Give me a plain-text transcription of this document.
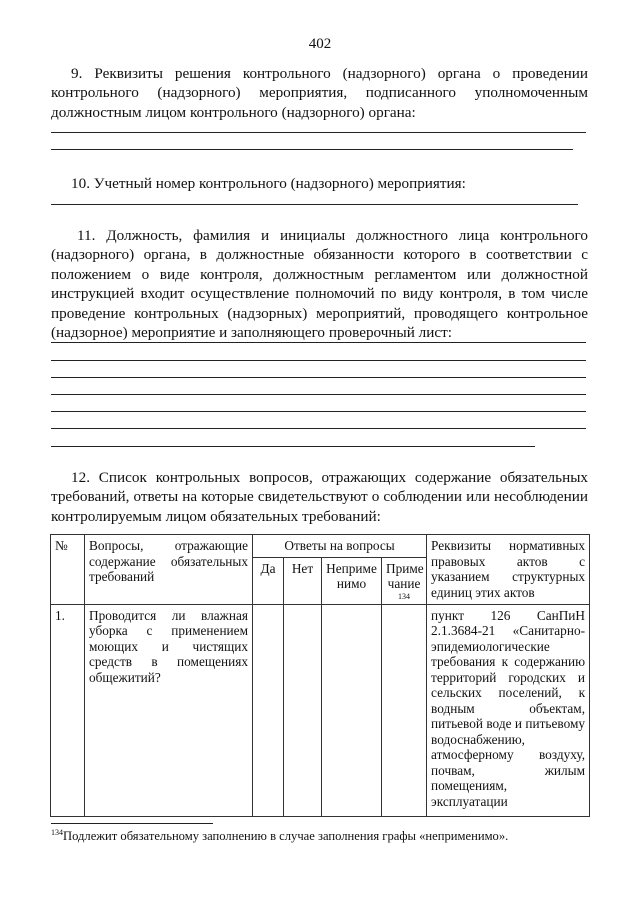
402

9. Реквизиты решения контрольного (надзорного) органа о проведении контрольного (надзорного) мероприятия, подписанного уполномоченным должностным лицом контрольного (надзорного) органа:

10. Учетный номер контрольного (надзорного) мероприятия:

11. Должность, фамилия и инициалы должностного лица контрольного (надзорного) органа, в должностные обязанности которого в соответствии с положением о виде контроля, должностным регламентом или должностной инструкцией входит осуществление полномочий по виду контроля, в том числе проведение контрольных (надзорных) мероприятий, проводящего контрольное (надзорное) мероприятие и заполняющего проверочный лист:

12. Список контрольных вопросов, отражающих содержание обязательных требований, ответы на которые свидетельствуют о соблюдении или несоблюдении контролируемым лицом обязательных требований:

№	Вопросы, отражающие содержание обязательных требований	Ответы на вопросы				Реквизиты нормативных правовых актов с указанием структурных единиц этих актов
		Да	Нет	Неприме нимо	Приме чание
134	

1.	Проводится ли влажная уборка с применением моющих и чистящих средств в помещениях общежитий?					пункт 126 СанПиН 2.1.3684-21 «Санитарно-эпидемиологические требования к содержанию территорий городских и сельских поселений, к водным объектам, питьевой воде и питьевому водоснабжению, атмосферному воздуху, почвам, жилым помещениям, эксплуатации
$^{134}$Подлежит обязательному заполнению в случае заполнения графы «неприменимо».
